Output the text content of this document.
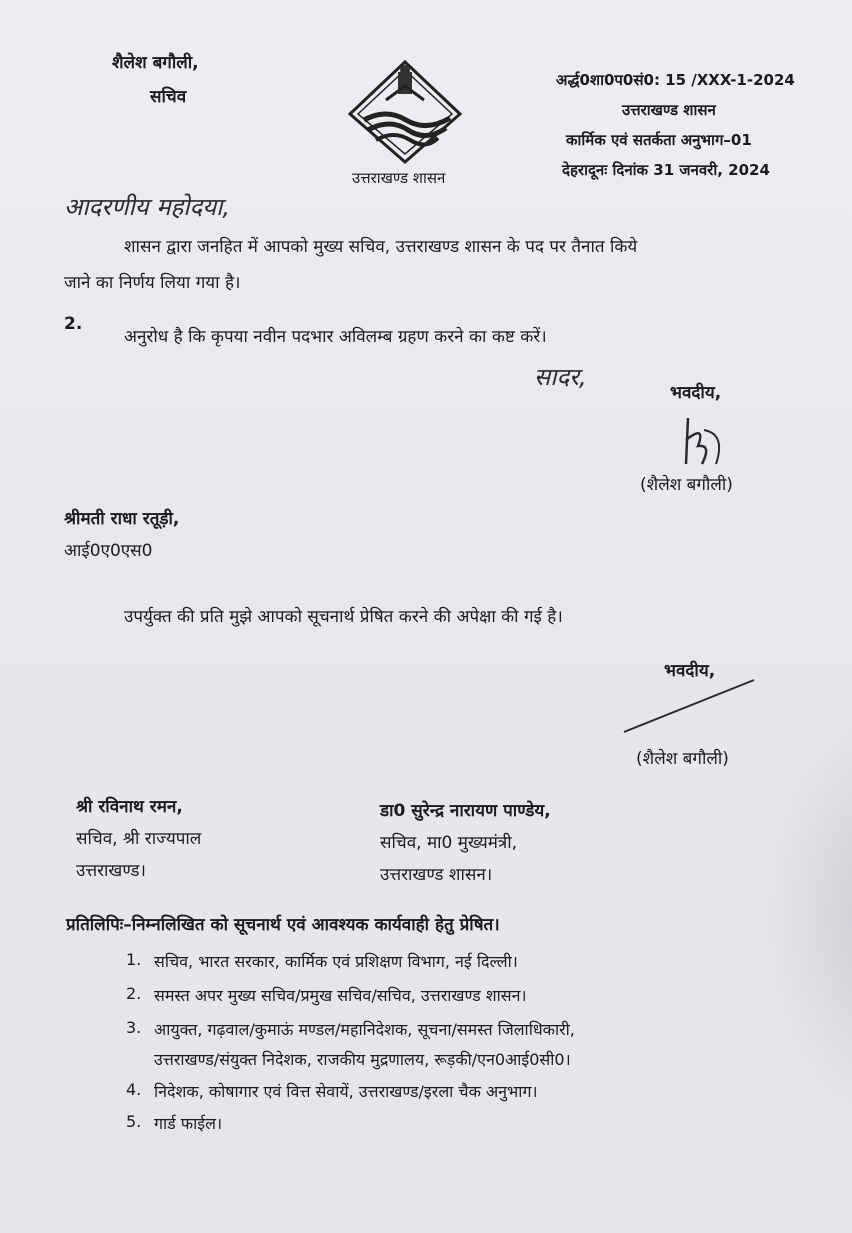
शैलेश बगौली,
सचिव
उत्तराखण्ड शासन
अर्द्ध0शा0प0सं0: 15 /XXX-1-2024
उत्तराखण्ड शासन
कार्मिक एवं सतर्कता अनुभाग–01
देहरादूनः दिनांक 31 जनवरी, 2024
आदरणीय महोदया,
शासन द्वारा जनहित में आपको मुख्य सचिव, उत्तराखण्ड शासन के पद पर तैनात किये
जाने का निर्णय लिया गया है।
2.
अनुरोध है कि कृपया नवीन पदभार अविलम्ब ग्रहण करने का कष्ट करें।
सादर,
भवदीय,
(शैलेश बगौली)
श्रीमती राधा रतूड़ी,
आई0ए0एस0
उपर्युक्त की प्रति मुझे आपको सूचनार्थ प्रेषित करने की अपेक्षा की गई है।
भवदीय,
(शैलेश बगौली)
श्री रविनाथ रमन,
सचिव, श्री राज्यपाल
उत्तराखण्ड।
डा0 सुरेन्द्र नारायण पाण्डेय,
सचिव, मा0 मुख्यमंत्री,
उत्तराखण्ड शासन।
प्रतिलिपिः–निम्नलिखित को सूचनार्थ एवं आवश्यक कार्यवाही हेतु प्रेषित।
1. सचिव, भारत सरकार, कार्मिक एवं प्रशिक्षण विभाग, नई दिल्ली।
2. समस्त अपर मुख्य सचिव/प्रमुख सचिव/सचिव, उत्तराखण्ड शासन।
3. आयुक्त, गढ़वाल/कुमाऊं मण्डल/महानिदेशक, सूचना/समस्त जिलाधिकारी,
उत्तराखण्ड/संयुक्त निदेशक, राजकीय मुद्रणालय, रूड़की/एन0आई0सी0।
4. निदेशक, कोषागार एवं वित्त सेवायें, उत्तराखण्ड/इरला चैक अनुभाग।
5. गार्ड फाईल।
